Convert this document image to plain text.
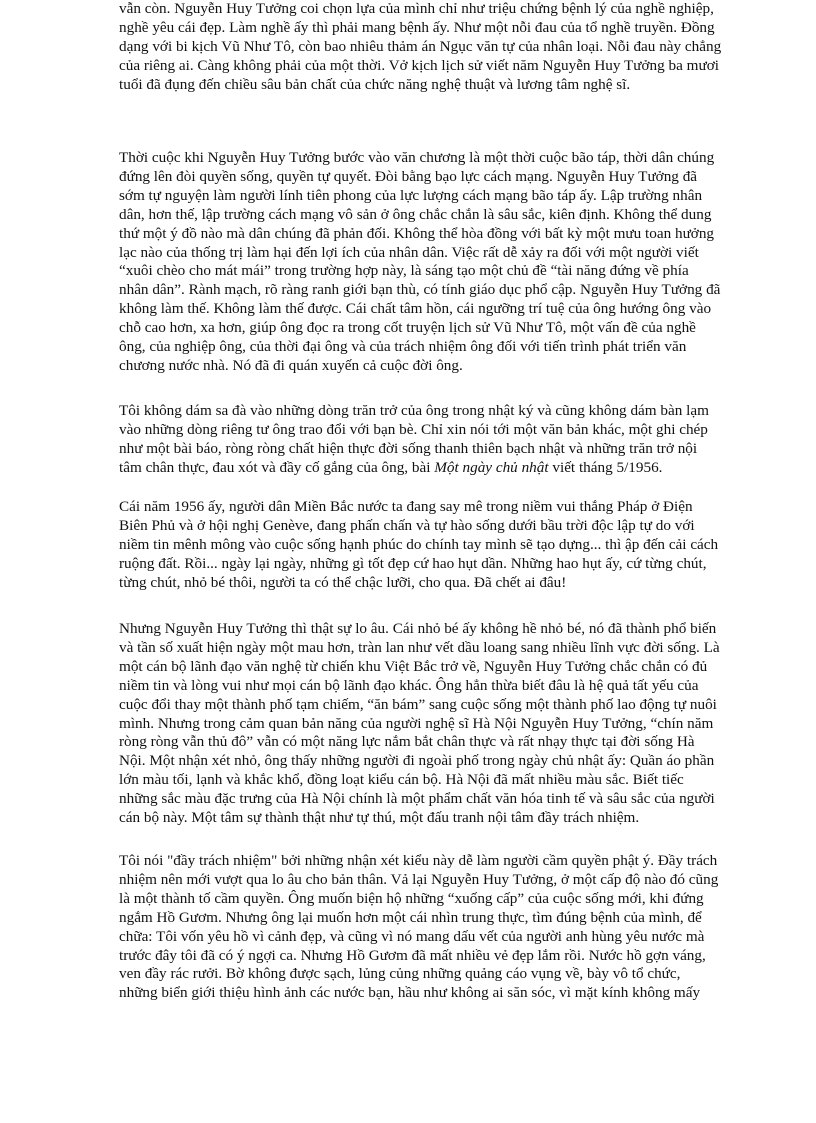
vẫn còn. Nguyễn Huy Tưởng coi chọn lựa của mình chỉ như triệu chứng bệnh lý của nghề nghiệp,
nghề yêu cái đẹp. Làm nghề ấy thì phải mang bệnh ấy. Như một nỗi đau của tổ nghề truyền. Đồng
dạng với bi kịch Vũ Như Tô, còn bao nhiêu thảm án Ngục văn tự của nhân loại. Nỗi đau này chẳng
của riêng ai. Càng không phải của một thời. Vở kịch lịch sử viết năm Nguyễn Huy Tưởng ba mươi
tuổi đã đụng đến chiều sâu bản chất của chức năng nghệ thuật và lương tâm nghệ sĩ.
Thời cuộc khi Nguyễn Huy Tưởng bước vào văn chương là một thời cuộc bão táp, thời dân chúng
đứng lên đòi quyền sống, quyền tự quyết. Đòi bằng bạo lực cách mạng. Nguyễn Huy Tưởng đã
sớm tự nguyện làm người lính tiên phong của lực lượng cách mạng bão táp ấy. Lập trường nhân
dân, hơn thế, lập trường cách mạng vô sản ở ông chắc chắn là sâu sắc, kiên định. Không thể dung
thứ một ý đồ nào mà dân chúng đã phản đối. Không thể hòa đồng với bất kỳ một mưu toan hưởng
lạc nào của thống trị làm hại đến lợi ích của nhân dân. Việc rất dễ xảy ra đối với một người viết
“xuôi chèo cho mát mái” trong trường hợp này, là sáng tạo một chủ đề “tài năng đứng về phía
nhân dân”. Rành mạch, rõ ràng ranh giới bạn thù, có tính giáo dục phổ cập. Nguyễn Huy Tưởng đã
không làm thế. Không làm thế được. Cái chất tâm hồn, cái ngưỡng trí tuệ của ông hướng ông vào
chỗ cao hơn, xa hơn, giúp ông đọc ra trong cốt truyện lịch sử Vũ Như Tô, một vấn đề của nghề
ông, của nghiệp ông, của thời đại ông và của trách nhiệm ông đối với tiến trình phát triển văn
chương nước nhà. Nó đã đi quán xuyến cả cuộc đời ông.
Tôi không dám sa đà vào những dòng trăn trở của ông trong nhật ký và cũng không dám bàn lạm
vào những dòng riêng tư ông trao đổi với bạn bè. Chỉ xin nói tới một văn bản khác, một ghi chép
như một bài báo, ròng ròng chất hiện thực đời sống thanh thiên bạch nhật và những trăn trở nội
tâm chân thực, đau xót và đầy cố gắng của ông, bài Một ngày chủ nhật viết tháng 5/1956.
Cái năm 1956 ấy, người dân Miền Bắc nước ta đang say mê trong niềm vui thắng Pháp ở Điện
Biên Phủ và ở hội nghị Genève, đang phấn chấn và tự hào sống dưới bầu trời độc lập tự do với
niềm tin mênh mông vào cuộc sống hạnh phúc do chính tay mình sẽ tạo dựng... thì ập đến cải cách
ruộng đất. Rồi... ngày lại ngày, những gì tốt đẹp cứ hao hụt dần. Những hao hụt ấy, cứ từng chút,
từng chút, nhỏ bé thôi, người ta có thể chậc lưỡi, cho qua. Đã chết ai đâu!
Nhưng Nguyễn Huy Tưởng thì thật sự lo âu. Cái nhỏ bé ấy không hề nhỏ bé, nó đã thành phổ biến
và tần số xuất hiện ngày một mau hơn, tràn lan như vết dầu loang sang nhiều lĩnh vực đời sống. Là
một cán bộ lãnh đạo văn nghệ từ chiến khu Việt Bắc trở về, Nguyễn Huy Tưởng chắc chắn có đủ
niềm tin và lòng vui như mọi cán bộ lãnh đạo khác. Ông hẳn thừa biết đâu là hệ quả tất yếu của
cuộc đổi thay một thành phố tạm chiếm, “ăn bám” sang cuộc sống một thành phố lao động tự nuôi
mình. Nhưng trong cảm quan bản năng của người nghệ sĩ Hà Nội Nguyễn Huy Tưởng, “chín năm
ròng ròng vẫn thủ đô” vẫn có một năng lực nắm bắt chân thực và rất nhạy thực tại đời sống Hà
Nội. Một nhận xét nhỏ, ông thấy những người đi ngoài phố trong ngày chủ nhật ấy: Quần áo phần
lớn màu tối, lạnh và khắc khổ, đồng loạt kiểu cán bộ. Hà Nội đã mất nhiều màu sắc. Biết tiếc
những sắc màu đặc trưng của Hà Nội chính là một phẩm chất văn hóa tinh tế và sâu sắc của người
cán bộ này. Một tâm sự thành thật như tự thú, một đấu tranh nội tâm đầy trách nhiệm.
Tôi nói "đầy trách nhiệm" bởi những nhận xét kiểu này dễ làm người cầm quyền phật ý. Đầy trách
nhiệm nên mới vượt qua lo âu cho bản thân. Vả lại Nguyễn Huy Tưởng, ở một cấp độ nào đó cũng
là một thành tố cầm quyền. Ông muốn biện hộ những “xuống cấp” của cuộc sống mới, khi đứng
ngắm Hồ Gươm. Nhưng ông lại muốn hơn một cái nhìn trung thực, tìm đúng bệnh của mình, để
chữa: Tôi vốn yêu hồ vì cảnh đẹp, và cũng vì nó mang dấu vết của người anh hùng yêu nước mà
trước đây tôi đã có ý ngợi ca. Nhưng Hồ Gươm đã mất nhiều vẻ đẹp lắm rồi. Nước hồ gợn váng,
ven đầy rác rưởi. Bờ không được sạch, lủng củng những quảng cáo vụng về, bày vô tổ chức,
những biển giới thiệu hình ảnh các nước bạn, hầu như không ai săn sóc, vì mặt kính không mấy
